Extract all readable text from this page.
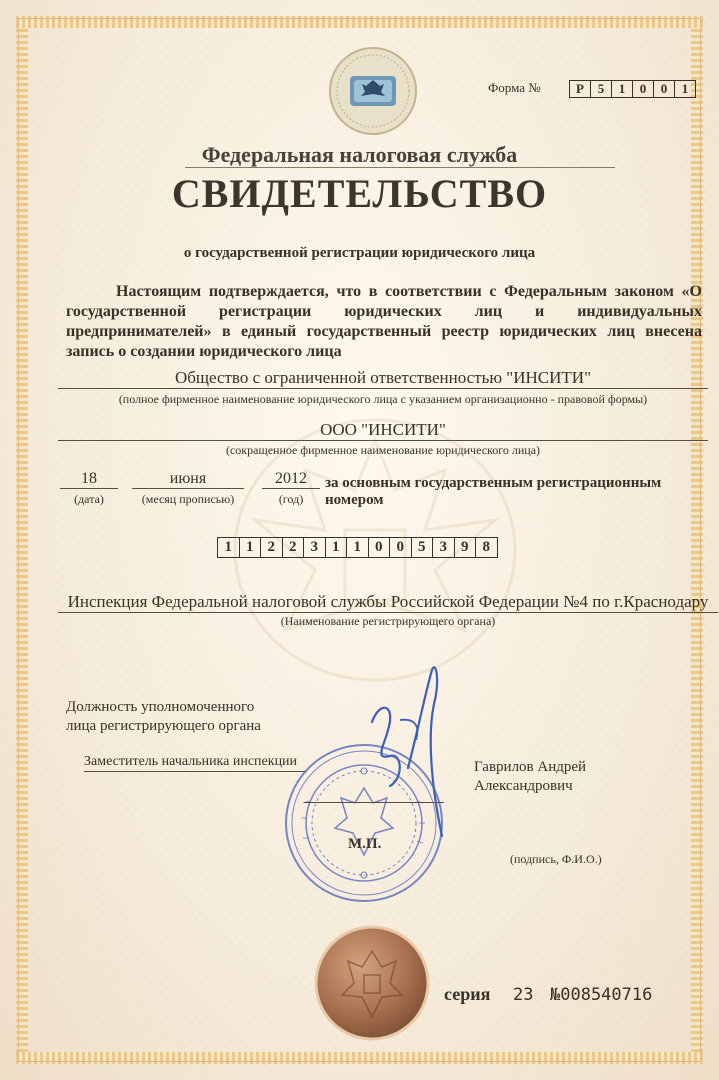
Форма №	Р	5	1	0	0	1
Федеральная налоговая служба
СВИДЕТЕЛЬСТВО
о государственной регистрации юридического лица
Настоящим подтверждается, что в соответствии с Федеральным законом «О государственной регистрации юридических лиц и индивидуальных предпринимателей» в единый государственный реестр юридических лиц внесена запись о создании юридического лица
Общество с ограниченной ответственностью "ИНСИТИ"
(полное фирменное наименование юридического лица с указанием организационно - правовой формы)
ООО "ИНСИТИ"
(сокращенное фирменное наименование юридического лица)
18
(дата)
июня
(месяц прописью)
2012
(год)
за основным государственным регистрационным номером
1 1 2 2 3 1 1 0 0 5 3 9 8
Инспекция Федеральной налоговой службы Российской Федерации №4 по г.Краснодару
(Наименование регистрирующего органа)
Должность уполномоченного
лица регистрирующего органа
Заместитель начальника инспекции
М.П.
Гаврилов Андрей
Александрович
(подпись, Ф.И.О.)
серия 23 №008540716
